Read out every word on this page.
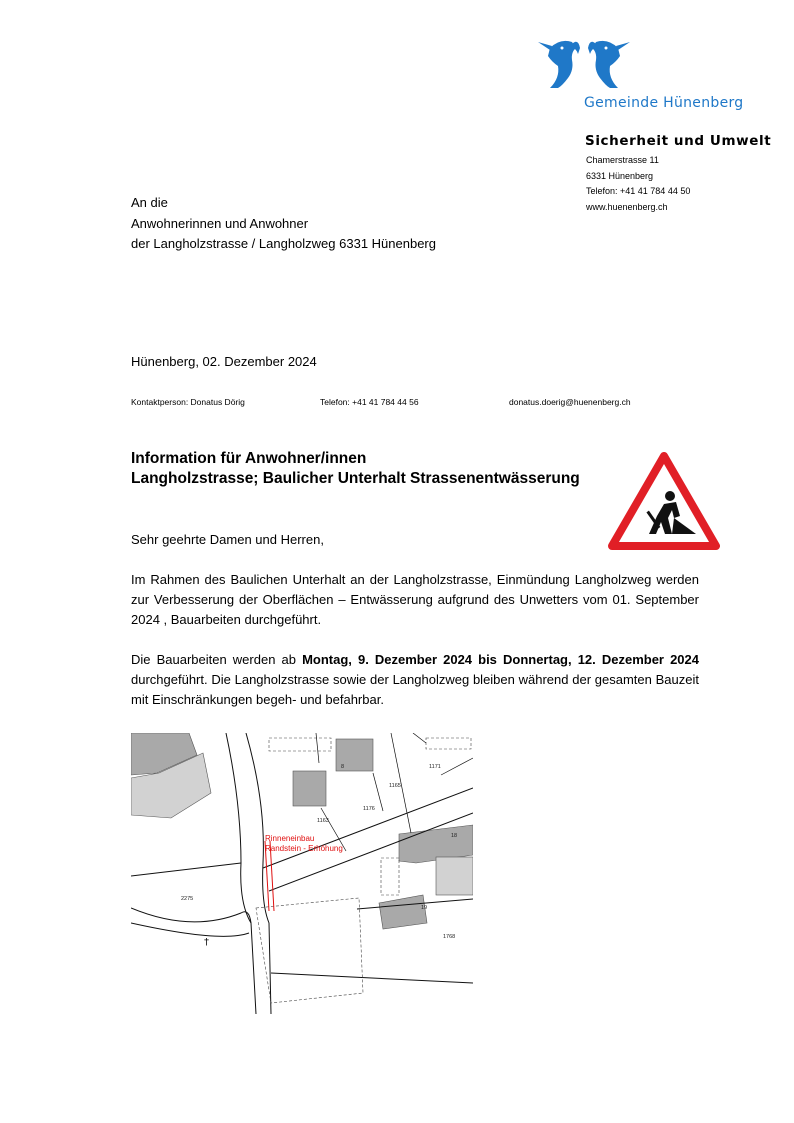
Gemeinde Hünenberg
Sicherheit und Umwelt
Chamerstrasse 11
6331 Hünenberg
Telefon: +41 41 784 44 50
www.huenenberg.ch
An die
Anwohnerinnen und Anwohner
der Langholzstrasse / Langholzweg 6331 Hünenberg
Hünenberg, 02. Dezember 2024
Kontaktperson: Donatus Dörig	Telefon: +41 41 784 44 56	donatus.doerig@huenenberg.ch
Information für Anwohner/innen
Langholzstrasse; Baulicher Unterhalt Strassenentwässerung
Sehr geehrte Damen und Herren,
Im Rahmen des Baulichen Unterhalt an der Langholzstrasse, Einmündung Langholzweg werden zur Verbesserung der Oberflächen – Entwässerung aufgrund des Unwetters vom 01. September 2024 , Bauarbeiten durchgeführt.
Die Bauarbeiten werden ab Montag, 9. Dezember 2024 bis Donnertag, 12. Dezember 2024 durchgeführt. Die Langholzstrasse sowie der Langholzweg bleiben während der gesamten Bauzeit mit Einschränkungen begeh- und befahrbar.
Rinneneinbau
Randstein - Erhöhung
1171
1165
1176
1163
2275
1768
8
18
19
†
